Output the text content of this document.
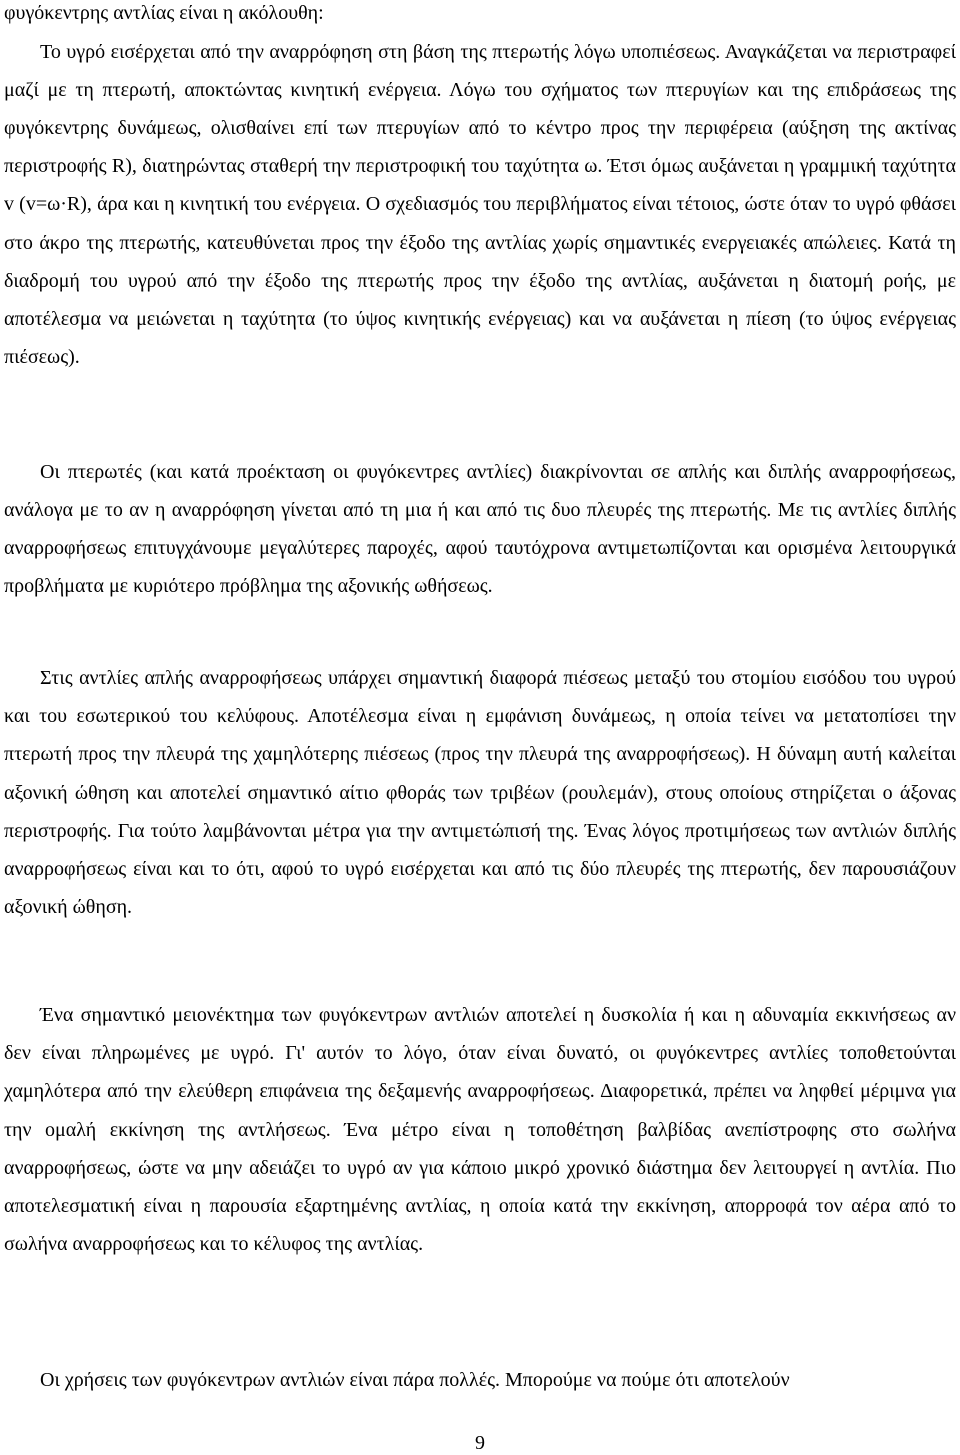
φυγόκεντρης αντλίας είναι η ακόλουθη:

Το υγρό εισέρχεται από την αναρρόφηση στη βάση της πτερωτής λόγω υποπιέσεως. Αναγκάζεται να περιστραφεί μαζί με τη πτερωτή, αποκτώντας κινητική ενέργεια. Λόγω του σχήματος των πτερυγίων και της επιδράσεως της φυγόκεντρης δυνάμεως, ολισθαίνει επί των πτερυγίων από το κέντρο προς την περιφέρεια (αύξηση της ακτίνας περιστροφής R), διατηρώντας σταθερή την περιστροφική του ταχύτητα ω. Έτσι όμως αυξάνεται η γραμμική ταχύτητα v (v=ω·R), άρα και η κινητική του ενέργεια. Ο σχεδιασμός του περιβλήματος είναι τέτοιος, ώστε όταν το υγρό φθάσει στο άκρο της πτερωτής, κατευθύνεται προς την έξοδο της αντλίας χωρίς σημαντικές ενεργειακές απώλειες. Κατά τη διαδρομή του υγρού από την έξοδο της πτερωτής προς την έξοδο της αντλίας, αυξάνεται η διατομή ροής, με αποτέλεσμα να μειώνεται η ταχύτητα (το ύψος κινητικής ενέργειας) και να αυξάνεται η πίεση (το ύψος ενέργειας πιέσεως).

Οι πτερωτές (και κατά προέκταση οι φυγόκεντρες αντλίες) διακρίνονται σε απλής και διπλής αναρροφήσεως, ανάλογα με το αν η αναρρόφηση γίνεται από τη μια ή και από τις δυο πλευρές της πτερωτής. Με τις αντλίες διπλής αναρροφήσεως επιτυγχάνουμε μεγαλύτερες παροχές, αφού ταυτόχρονα αντιμετωπίζονται και ορισμένα λειτουργικά προβλήματα με κυριότερο πρόβλημα της αξονικής ωθήσεως.

Στις αντλίες απλής αναρροφήσεως υπάρχει σημαντική διαφορά πιέσεως μεταξύ του στομίου εισόδου του υγρού και του εσωτερικού του κελύφους. Αποτέλεσμα είναι η εμφάνιση δυνάμεως, η οποία τείνει να μετατοπίσει την πτερωτή προς την πλευρά της χαμηλότερης πιέσεως (προς την πλευρά της αναρροφήσεως). Η δύναμη αυτή καλείται αξονική ώθηση και αποτελεί σημαντικό αίτιο φθοράς των τριβέων (ρουλεμάν), στους οποίους στηρίζεται ο άξονας περιστροφής. Για τούτο λαμβάνονται μέτρα για την αντιμετώπισή της. Ένας λόγος προτιμήσεως των αντλιών διπλής αναρροφήσεως είναι και το ότι, αφού το υγρό εισέρχεται και από τις δύο πλευρές της πτερωτής, δεν παρουσιάζουν αξονική ώθηση.

Ένα σημαντικό μειονέκτημα των φυγόκεντρων αντλιών αποτελεί η δυσκολία ή και η αδυναμία εκκινήσεως αν δεν είναι πληρωμένες με υγρό. Γι' αυτόν το λόγο, όταν είναι δυνατό, οι φυγόκεντρες αντλίες τοποθετούνται χαμηλότερα από την ελεύθερη επιφάνεια της δεξαμενής αναρροφήσεως. Διαφορετικά, πρέπει να ληφθεί μέριμνα για την ομαλή εκκίνηση της αντλήσεως. Ένα μέτρο είναι η τοποθέτηση βαλβίδας ανεπίστροφης στο σωλήνα αναρροφήσεως, ώστε να μην αδειάζει το υγρό αν για κάποιο μικρό χρονικό διάστημα δεν λειτουργεί η αντλία. Πιο αποτελεσματική είναι η παρουσία εξαρτημένης αντλίας, η οποία κατά την εκκίνηση, απορροφά τον αέρα από το σωλήνα αναρροφήσεως και το κέλυφος της αντλίας.

Οι χρήσεις των φυγόκεντρων αντλιών είναι πάρα πολλές. Μπορούμε να πούμε ότι αποτελούν

9
